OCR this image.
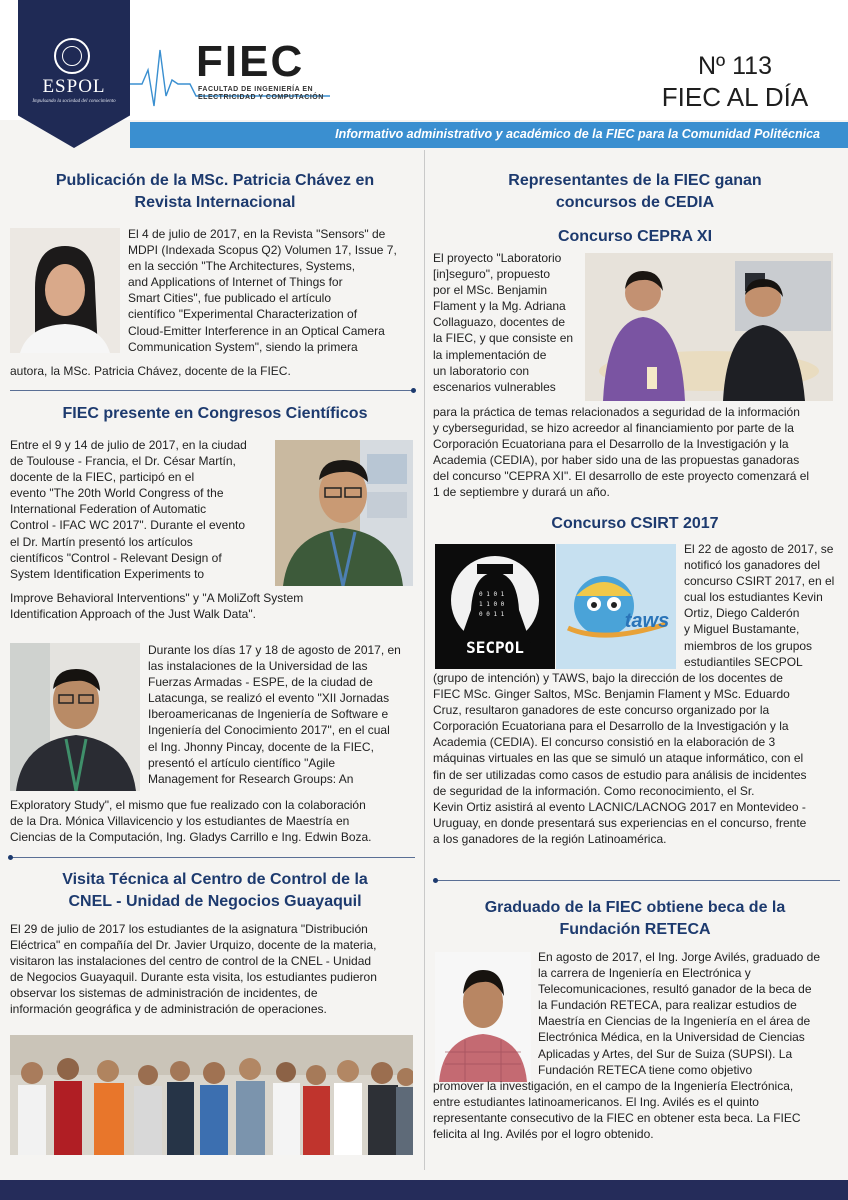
ESPOL
Impulsando la sociedad del conocimiento
FIEC
FACULTAD DE INGENIERÍA EN
ELECTRICIDAD Y COMPUTACIÓN
Nº 113
FIEC AL DÍA
Informativo administrativo y académico de la FIEC para la Comunidad Politécnica
Publicación de la MSc. Patricia Chávez en
Revista Internacional
El 4 de julio de 2017, en la Revista "Sensors" de
MDPI (Indexada Scopus Q2) Volumen 17, Issue 7,
en la sección "The Architectures, Systems,
and Applications of Internet of Things for
Smart Cities", fue publicado el artículo
científico "Experimental Characterization of
Cloud-Emitter Interference in an Optical Camera
Communication System", siendo la primera
autora, la MSc. Patricia Chávez, docente de la FIEC.
FIEC presente en Congresos Científicos
Entre el 9 y 14 de julio de 2017, en la ciudad
de Toulouse - Francia, el Dr. César Martín,
docente de la FIEC, participó en el
evento "The 20th World Congress of the
International Federation of Automatic
Control - IFAC WC 2017". Durante el evento
el Dr. Martín presentó los artículos
científicos "Control - Relevant Design of
System Identification Experiments to
Improve Behavioral Interventions" y "A MoliZoft System
Identification Approach of the Just Walk Data".
Durante los días 17 y 18 de agosto de 2017, en
las instalaciones de la Universidad de las
Fuerzas Armadas - ESPE, de la ciudad de
Latacunga, se realizó el evento "XII Jornadas
Iberoamericanas de Ingeniería de Software e
Ingeniería del Conocimiento 2017", en el cual
el Ing. Jhonny Pincay, docente de la FIEC,
presentó el artículo científico "Agile
Management for Research Groups: An
Exploratory Study", el mismo que fue realizado con la colaboración
de la Dra. Mónica Villavicencio y los estudiantes de Maestría en
Ciencias de la Computación, Ing. Gladys Carrillo e Ing. Edwin Boza.
Visita Técnica al Centro de Control de la
CNEL - Unidad de Negocios Guayaquil
El 29 de julio de 2017 los estudiantes de la asignatura "Distribución
Eléctrica" en compañía del Dr. Javier Urquizo, docente de la materia,
visitaron las instalaciones del centro de control de la CNEL - Unidad
de Negocios Guayaquil. Durante esta visita, los estudiantes pudieron
observar los sistemas de administración de incidentes, de
información geográfica y de administración de operaciones.
Representantes de la FIEC ganan
concursos de CEDIA
Concurso CEPRA XI
El proyecto "Laboratorio
[in]seguro", propuesto
por el MSc. Benjamin
Flament y la Mg. Adriana
Collaguazo, docentes de
la FIEC, y que consiste en
la implementación de
un laboratorio con
escenarios vulnerables
para la práctica de temas relacionados a seguridad de la información
y cyberseguridad, se hizo acreedor al financiamiento por parte de la
Corporación Ecuatoriana para el Desarrollo de la Investigación y la
Academia (CEDIA), por haber sido una de las propuestas ganadoras
del concurso "CEPRA XI". El desarrollo de este proyecto comenzará el
1 de septiembre y durará un año.
Concurso CSIRT 2017
0 1 0 1
1 1 0 0
0 0 1 1
SECPOL
taws
El 22 de agosto de 2017, se
notificó los ganadores del
concurso CSIRT 2017, en el
cual los estudiantes Kevin
Ortiz, Diego Calderón
y Miguel Bustamante,
miembros de los grupos
estudiantiles SECPOL
(grupo de intención) y TAWS, bajo la dirección de los docentes de
FIEC MSc. Ginger Saltos, MSc. Benjamin Flament y MSc. Eduardo
Cruz, resultaron ganadores de este concurso organizado por la
Corporación Ecuatoriana para el Desarrollo de la Investigación y la
Academia (CEDIA). El concurso consistió en la elaboración de 3
máquinas virtuales en las que se simuló un ataque informático, con el
fin de ser utilizadas como casos de estudio para análisis de incidentes
de seguridad de la información. Como reconocimiento, el Sr.
Kevin Ortiz asistirá al evento LACNIC/LACNOG 2017 en Montevideo -
Uruguay, en donde presentará sus experiencias en el concurso, frente
a los ganadores de la región Latinoamérica.
Graduado de la FIEC obtiene beca de la
Fundación RETECA
En agosto de 2017, el Ing. Jorge Avilés, graduado de
la carrera de Ingeniería en Electrónica y
Telecomunicaciones, resultó ganador de la beca de
la Fundación RETECA, para realizar estudios de
Maestría en Ciencias de la Ingeniería en el área de
Electrónica Médica, en la Universidad de Ciencias
Aplicadas y Artes, del Sur de Suiza (SUPSI). La
Fundación RETECA tiene como objetivo
promover la investigación, en el campo de la Ingeniería Electrónica,
entre estudiantes latinoamericanos. El Ing. Avilés es el quinto
representante consecutivo de la FIEC en obtener esta beca. La FIEC
felicita al Ing. Avilés por el logro obtenido.
